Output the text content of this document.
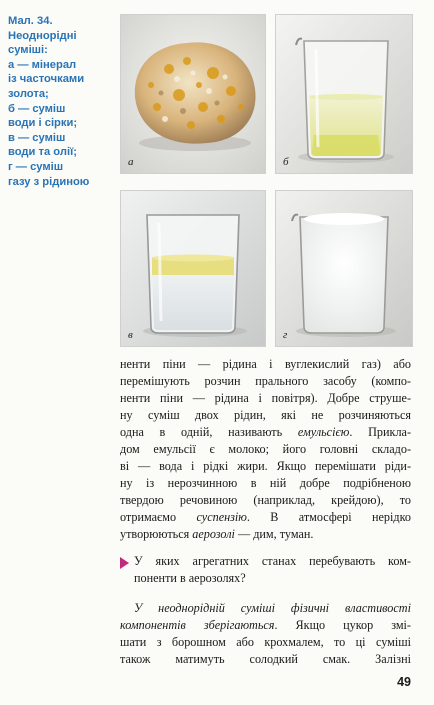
Мал. 34.
Неоднорідні
суміші:
а — мінерал
із часточками
золота;
б — суміш
води і сірки;
в — суміш
води та олії;
г — суміш
газу з рідиною
а	б
в	г
ненти піни — рідина і вуглекислий газ) або
перемішують розчин прального засобу (компо-
ненти піни — рідина і повітря). Добре струше-
ну суміш двох рідин, які не розчиняються
одна в одній, називають емульсією. Прикла-
дом емульсії є молоко; його головні складо-
ві — вода і рідкі жири. Якщо перемішати ріди-
ну із нерозчинною в ній добре подрібненою
твердою речовиною (наприклад, крейдою), то
отримаємо суспензію. В атмосфері нерідко
утворюються аерозолі — дим, туман.
У яких агрегатних станах перебувають ком-
поненти в аерозолях?
У неоднорідній суміші фізичні властивості
компонентів зберігаються. Якщо цукор змі-
шати з борошном або крохмалем, то ці суміші
також матимуть солодкий смак. Залізні
49
